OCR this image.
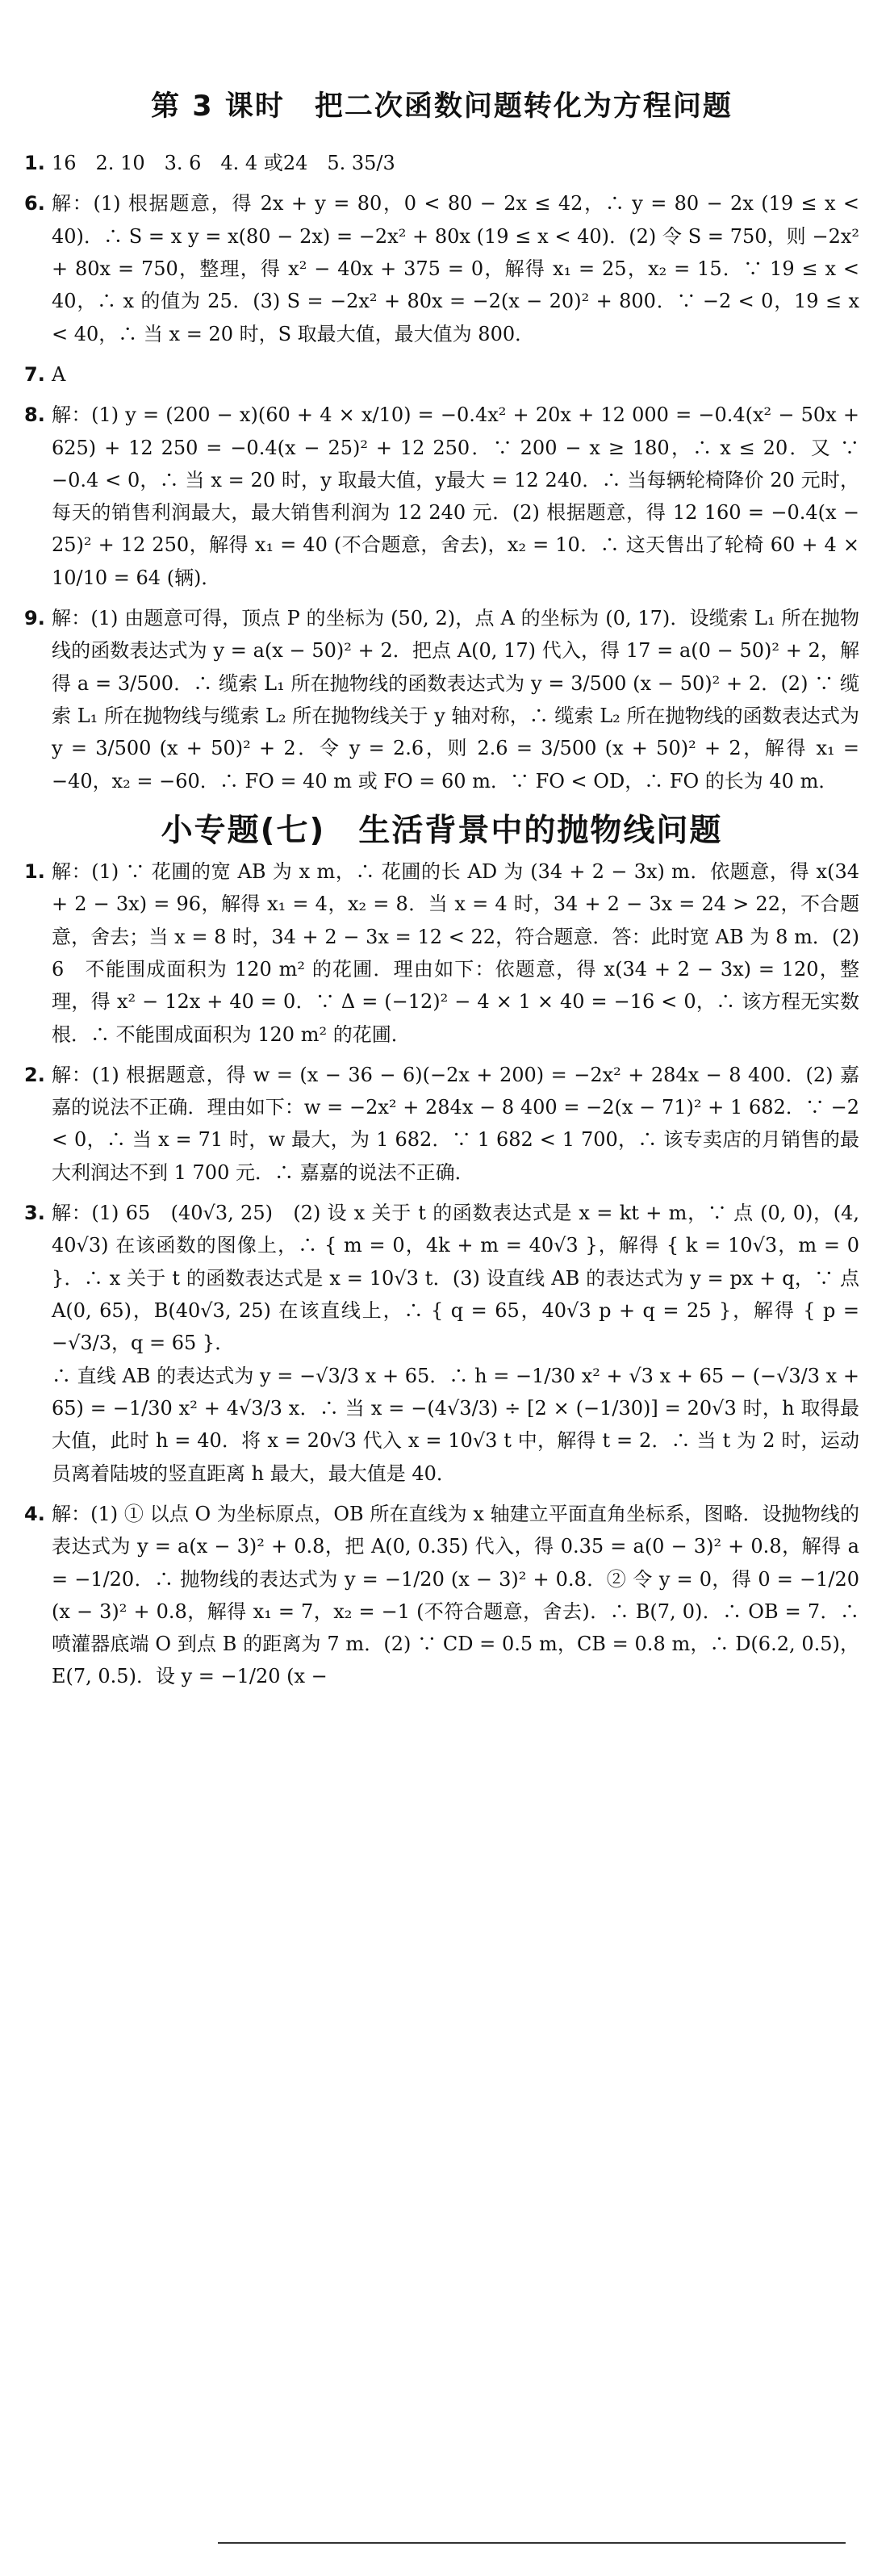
第 3 课时　把二次函数问题转化为方程问题
1. 16　2. 10　3. 6　4. 4 或24　5. 35/3

6. 解：(1) 根据题意，得 2x + y = 80，0 < 80 − 2x ≤ 42，∴ y = 80 − 2x (19 ≤ x < 40)．∴ S = x y = x(80 − 2x) = −2x² + 80x (19 ≤ x < 40)．(2) 令 S = 750，则 −2x² + 80x = 750，整理，得 x² − 40x + 375 = 0，解得 x₁ = 25，x₂ = 15．∵ 19 ≤ x < 40，∴ x 的值为 25．(3) S = −2x² + 80x = −2(x − 20)² + 800．∵ −2 < 0，19 ≤ x < 40，∴ 当 x = 20 时，S 取最大值，最大值为 800．

7. A

8. 解：(1) y = (200 − x)(60 + 4 × x/10) = −0.4x² + 20x + 12 000 = −0.4(x² − 50x + 625) + 12 250 = −0.4(x − 25)² + 12 250．∵ 200 − x ≥ 180，∴ x ≤ 20．又 ∵ −0.4 < 0，∴ 当 x = 20 时，y 取最大值，y最大 = 12 240．∴ 当每辆轮椅降价 20 元时，每天的销售利润最大，最大销售利润为 12 240 元．(2) 根据题意，得 12 160 = −0.4(x − 25)² + 12 250，解得 x₁ = 40 (不合题意，舍去)，x₂ = 10．∴ 这天售出了轮椅 60 + 4 × 10/10 = 64 (辆)．

9. 解：(1) 由题意可得，顶点 P 的坐标为 (50, 2)，点 A 的坐标为 (0, 17)．设缆索 L₁ 所在抛物线的函数表达式为 y = a(x − 50)² + 2．把点 A(0, 17) 代入，得 17 = a(0 − 50)² + 2，解得 a = 3/500．∴ 缆索 L₁ 所在抛物线的函数表达式为 y = 3/500 (x − 50)² + 2．(2) ∵ 缆索 L₁ 所在抛物线与缆索 L₂ 所在抛物线关于 y 轴对称，∴ 缆索 L₂ 所在抛物线的函数表达式为 y = 3/500 (x + 50)² + 2．令 y = 2.6，则 2.6 = 3/500 (x + 50)² + 2，解得 x₁ = −40，x₂ = −60．∴ FO = 40 m 或 FO = 60 m．∵ FO < OD，∴ FO 的长为 40 m．

小专题(七)　生活背景中的抛物线问题
1. 解：(1) ∵ 花圃的宽 AB 为 x m，∴ 花圃的长 AD 为 (34 + 2 − 3x) m．依题意，得 x(34 + 2 − 3x) = 96，解得 x₁ = 4，x₂ = 8．当 x = 4 时，34 + 2 − 3x = 24 > 22，不合题意，舍去；当 x = 8 时，34 + 2 − 3x = 12 < 22，符合题意．答：此时宽 AB 为 8 m．(2) 6　不能围成面积为 120 m² 的花圃．理由如下：依题意，得 x(34 + 2 − 3x) = 120，整理，得 x² − 12x + 40 = 0．∵ Δ = (−12)² − 4 × 1 × 40 = −16 < 0，∴ 该方程无实数根．∴ 不能围成面积为 120 m² 的花圃．

2. 解：(1) 根据题意，得 w = (x − 36 − 6)(−2x + 200) = −2x² + 284x − 8 400．(2) 嘉嘉的说法不正确．理由如下：w = −2x² + 284x − 8 400 = −2(x − 71)² + 1 682．∵ −2 < 0，∴ 当 x = 71 时，w 最大，为 1 682．∵ 1 682 < 1 700，∴ 该专卖店的月销售的最大利润达不到 1 700 元．∴ 嘉嘉的说法不正确．

3. 解：(1) 65　(40√3, 25)　(2) 设 x 关于 t 的函数表达式是 x = kt + m，∵ 点 (0, 0)，(4, 40√3) 在该函数的图像上，∴ { m = 0，4k + m = 40√3 }，解得 { k = 10√3，m = 0 }．∴ x 关于 t 的函数表达式是 x = 10√3 t．(3) 设直线 AB 的表达式为 y = px + q，∵ 点 A(0, 65)，B(40√3, 25) 在该直线上，∴ { q = 65，40√3 p + q = 25 }，解得 { p = −√3/3，q = 65 }．

∴ 直线 AB 的表达式为 y = −√3/3 x + 65．∴ h = −1/30 x² + √3 x + 65 − (−√3/3 x + 65) = −1/30 x² + 4√3/3 x．∴ 当 x = −(4√3/3) ÷ [2 × (−1/30)] = 20√3 时，h 取得最大值，此时 h = 40．将 x = 20√3 代入 x = 10√3 t 中，解得 t = 2．∴ 当 t 为 2 时，运动员离着陆坡的竖直距离 h 最大，最大值是 40．

4. 解：(1) ① 以点 O 为坐标原点，OB 所在直线为 x 轴建立平面直角坐标系，图略．设抛物线的表达式为 y = a(x − 3)² + 0.8，把 A(0, 0.35) 代入，得 0.35 = a(0 − 3)² + 0.8，解得 a = −1/20．∴ 抛物线的表达式为 y = −1/20 (x − 3)² + 0.8．② 令 y = 0，得 0 = −1/20 (x − 3)² + 0.8，解得 x₁ = 7，x₂ = −1 (不符合题意，舍去)．∴ B(7, 0)．∴ OB = 7．∴ 喷灌器底端 O 到点 B 的距离为 7 m．(2) ∵ CD = 0.5 m，CB = 0.8 m，∴ D(6.2, 0.5)，E(7, 0.5)．设 y = −1/20 (x −
